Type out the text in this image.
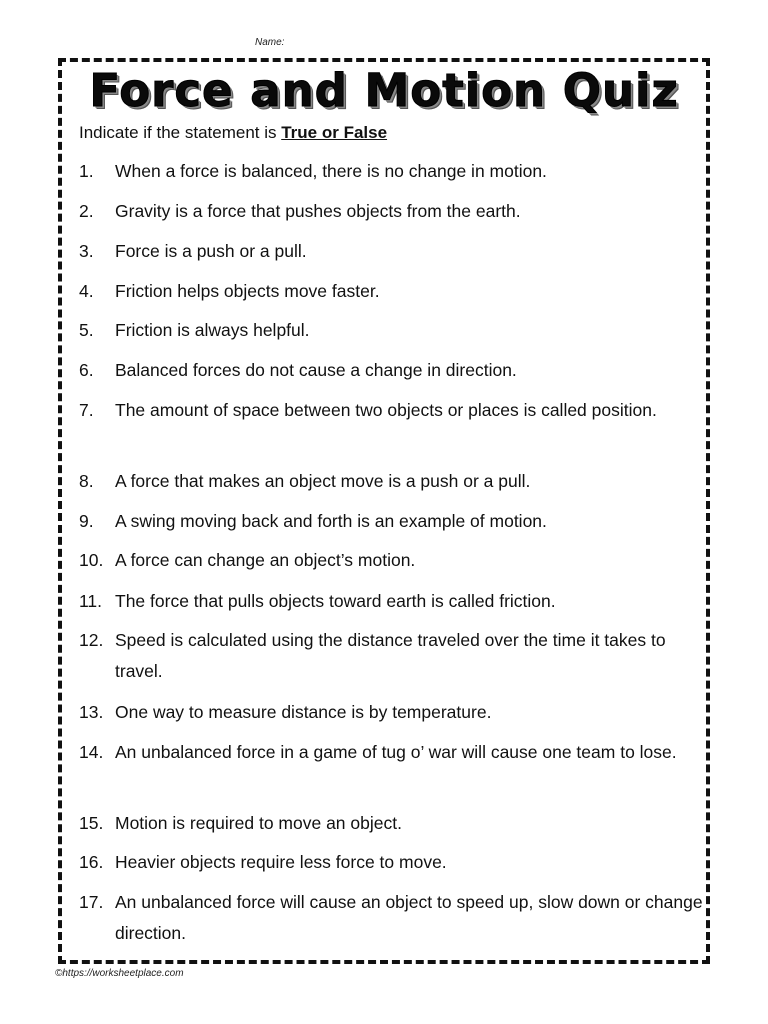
Name:
Force and Motion Quiz
Indicate if the statement is True or False
1.	When a force is balanced, there is no change in motion.
2.	Gravity is a force that pushes objects from the earth.
3.	Force is a push or a pull.
4.	Friction helps objects move faster.
5.	Friction is always helpful.
6.	Balanced forces do not cause a change in direction.
7.	The amount of space between two objects or places is called position.
8.	A force that makes an object move is a push or a pull.
9.	A swing moving back and forth is an example of motion.
10. A force can change an object’s motion.
11. The force that pulls objects toward earth is called friction.
12. Speed is calculated using the distance traveled over the time it takes to travel.
13. One way to measure distance is by temperature.
14. An unbalanced force in a game of tug o’ war will cause one team to lose.
15. Motion is required to move an object.
16. Heavier objects require less force to move.
17. An unbalanced force will cause an object to speed up, slow down or change direction.
©https://worksheetplace.com
